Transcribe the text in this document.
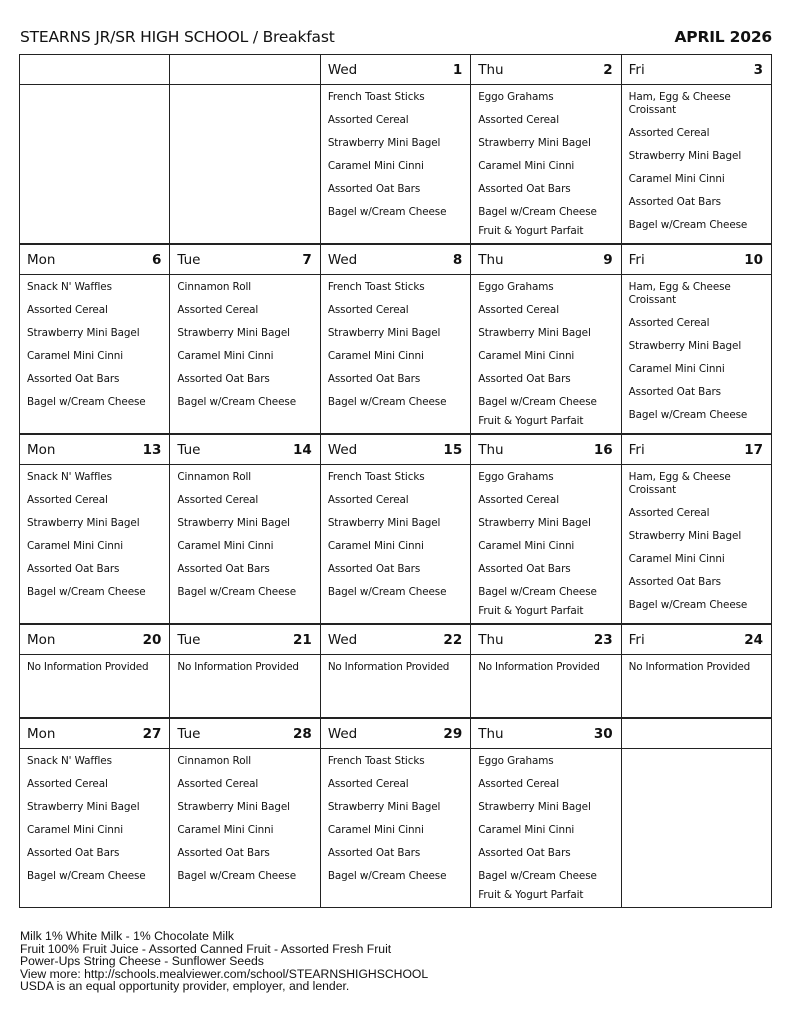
STEARNS JR/SR HIGH SCHOOL / Breakfast	APRIL 2026
Wed	1
French Toast Sticks
Assorted Cereal
Strawberry Mini Bagel
Caramel Mini Cinni
Assorted Oat Bars
Bagel w/Cream Cheese
Thu	2
Eggo Grahams
Assorted Cereal
Strawberry Mini Bagel
Caramel Mini Cinni
Assorted Oat Bars
Bagel w/Cream Cheese
Fruit & Yogurt Parfait
Fri	3
Ham, Egg & Cheese Croissant
Assorted Cereal
Strawberry Mini Bagel
Caramel Mini Cinni
Assorted Oat Bars
Bagel w/Cream Cheese
Mon	6
Snack N' Waffles
Assorted Cereal
Strawberry Mini Bagel
Caramel Mini Cinni
Assorted Oat Bars
Bagel w/Cream Cheese
Tue	7
Cinnamon Roll
Assorted Cereal
Strawberry Mini Bagel
Caramel Mini Cinni
Assorted Oat Bars
Bagel w/Cream Cheese
Wed	8
French Toast Sticks
Assorted Cereal
Strawberry Mini Bagel
Caramel Mini Cinni
Assorted Oat Bars
Bagel w/Cream Cheese
Thu	9
Eggo Grahams
Assorted Cereal
Strawberry Mini Bagel
Caramel Mini Cinni
Assorted Oat Bars
Bagel w/Cream Cheese
Fruit & Yogurt Parfait
Fri	10
Ham, Egg & Cheese Croissant
Assorted Cereal
Strawberry Mini Bagel
Caramel Mini Cinni
Assorted Oat Bars
Bagel w/Cream Cheese
Mon	13
Snack N' Waffles
Assorted Cereal
Strawberry Mini Bagel
Caramel Mini Cinni
Assorted Oat Bars
Bagel w/Cream Cheese
Tue	14
Cinnamon Roll
Assorted Cereal
Strawberry Mini Bagel
Caramel Mini Cinni
Assorted Oat Bars
Bagel w/Cream Cheese
Wed	15
French Toast Sticks
Assorted Cereal
Strawberry Mini Bagel
Caramel Mini Cinni
Assorted Oat Bars
Bagel w/Cream Cheese
Thu	16
Eggo Grahams
Assorted Cereal
Strawberry Mini Bagel
Caramel Mini Cinni
Assorted Oat Bars
Bagel w/Cream Cheese
Fruit & Yogurt Parfait
Fri	17
Ham, Egg & Cheese Croissant
Assorted Cereal
Strawberry Mini Bagel
Caramel Mini Cinni
Assorted Oat Bars
Bagel w/Cream Cheese
Mon	20
No Information Provided
Tue	21
No Information Provided
Wed	22
No Information Provided
Thu	23
No Information Provided
Fri	24
No Information Provided
Mon	27
Snack N' Waffles
Assorted Cereal
Strawberry Mini Bagel
Caramel Mini Cinni
Assorted Oat Bars
Bagel w/Cream Cheese
Tue	28
Cinnamon Roll
Assorted Cereal
Strawberry Mini Bagel
Caramel Mini Cinni
Assorted Oat Bars
Bagel w/Cream Cheese
Wed	29
French Toast Sticks
Assorted Cereal
Strawberry Mini Bagel
Caramel Mini Cinni
Assorted Oat Bars
Bagel w/Cream Cheese
Thu	30
Eggo Grahams
Assorted Cereal
Strawberry Mini Bagel
Caramel Mini Cinni
Assorted Oat Bars
Bagel w/Cream Cheese
Fruit & Yogurt Parfait
Milk 1% White Milk - 1% Chocolate Milk
Fruit 100% Fruit Juice - Assorted Canned Fruit - Assorted Fresh Fruit
Power-Ups String Cheese - Sunflower Seeds
View more: http://schools.mealviewer.com/school/STEARNSHIGHSCHOOL
USDA is an equal opportunity provider, employer, and lender.
